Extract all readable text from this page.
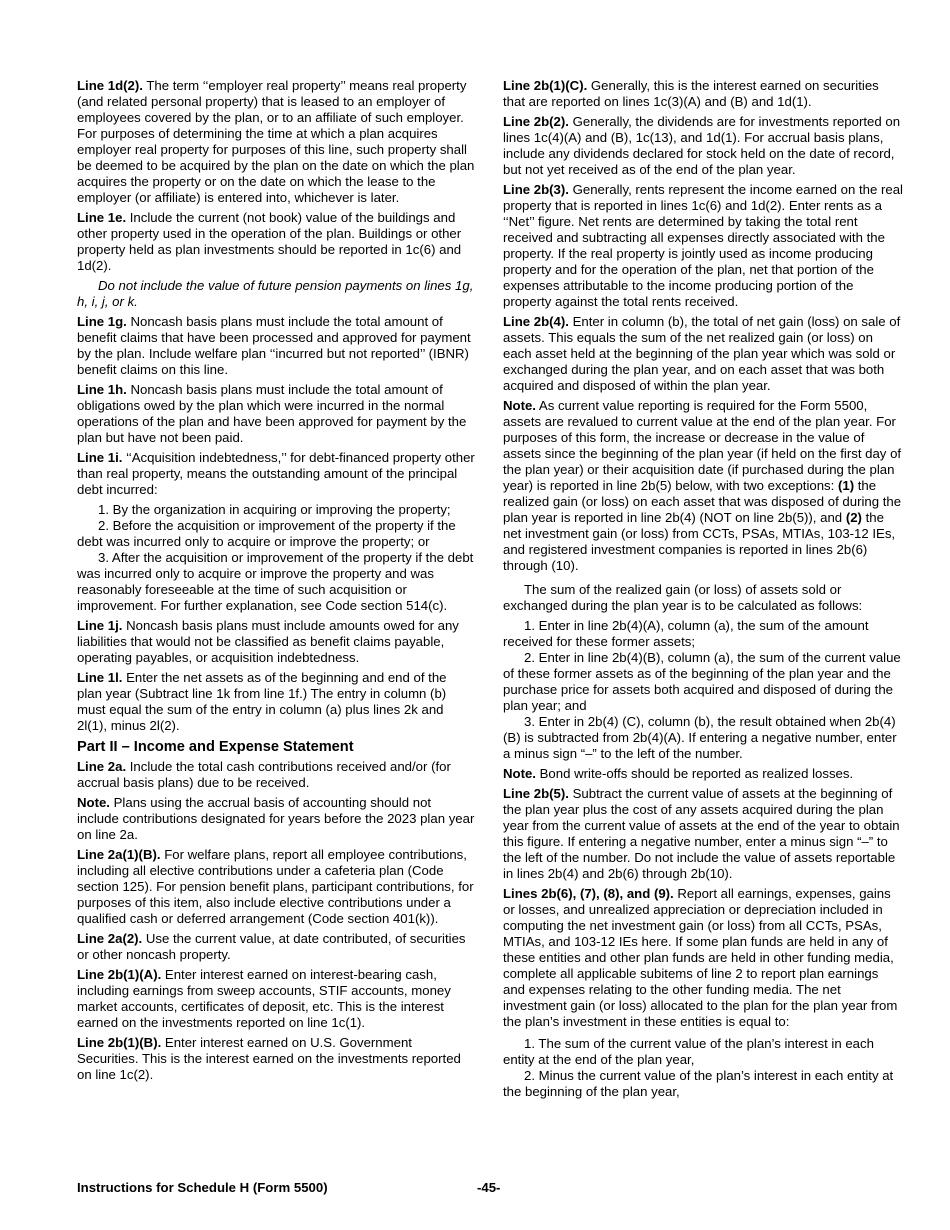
Line 1d(2). The term ‘‘employer real property’’ means real property (and related personal property) that is leased to an employer of employees covered by the plan, or to an affiliate of such employer. For purposes of determining the time at which a plan acquires employer real property for purposes of this line, such property shall be deemed to be acquired by the plan on the date on which the plan acquires the property or on the date on which the lease to the employer (or affiliate) is entered into, whichever is later.

Line 1e. Include the current (not book) value of the buildings and other property used in the operation of the plan. Buildings or other property held as plan investments should be reported in 1c(6) and 1d(2).

Do not include the value of future pension payments on lines 1g, h, i, j, or k.

Line 1g. Noncash basis plans must include the total amount of benefit claims that have been processed and approved for payment by the plan. Include welfare plan ‘‘incurred but not reported’’ (IBNR) benefit claims on this line.

Line 1h. Noncash basis plans must include the total amount of obligations owed by the plan which were incurred in the normal operations of the plan and have been approved for payment by the plan but have not been paid.

Line 1i. ‘‘Acquisition indebtedness,’’ for debt-financed property other than real property, means the outstanding amount of the principal debt incurred:

1. By the organization in acquiring or improving the property;

2. Before the acquisition or improvement of the property if the debt was incurred only to acquire or improve the property; or

3. After the acquisition or improvement of the property if the debt was incurred only to acquire or improve the property and was reasonably foreseeable at the time of such acquisition or improvement. For further explanation, see Code section 514(c).

Line 1j. Noncash basis plans must include amounts owed for any liabilities that would not be classified as benefit claims payable, operating payables, or acquisition indebtedness.

Line 1l. Enter the net assets as of the beginning and end of the plan year (Subtract line 1k from line 1f.) The entry in column (b) must equal the sum of the entry in column (a) plus lines 2k and 2l(1), minus 2l(2).

Part II – Income and Expense Statement

Line 2a. Include the total cash contributions received and/or (for accrual basis plans) due to be received.

Note. Plans using the accrual basis of accounting should not include contributions designated for years before the 2023 plan year on line 2a.

Line 2a(1)(B). For welfare plans, report all employee contributions, including all elective contributions under a cafeteria plan (Code section 125). For pension benefit plans, participant contributions, for purposes of this item, also include elective contributions under a qualified cash or deferred arrangement (Code section 401(k)).

Line 2a(2). Use the current value, at date contributed, of securities or other noncash property.

Line 2b(1)(A). Enter interest earned on interest-bearing cash, including earnings from sweep accounts, STIF accounts, money market accounts, certificates of deposit, etc. This is the interest earned on the investments reported on line 1c(1).

Line 2b(1)(B). Enter interest earned on U.S. Government Securities. This is the interest earned on the investments reported on line 1c(2).

Line 2b(1)(C). Generally, this is the interest earned on securities that are reported on lines 1c(3)(A) and (B) and 1d(1).

Line 2b(2). Generally, the dividends are for investments reported on lines 1c(4)(A) and (B), 1c(13), and 1d(1). For accrual basis plans, include any dividends declared for stock held on the date of record, but not yet received as of the end of the plan year.

Line 2b(3). Generally, rents represent the income earned on the real property that is reported in lines 1c(6) and 1d(2). Enter rents as a ‘‘Net’’ figure. Net rents are determined by taking the total rent received and subtracting all expenses directly associated with the property. If the real property is jointly used as income producing property and for the operation of the plan, net that portion of the expenses attributable to the income producing portion of the property against the total rents received.

Line 2b(4). Enter in column (b), the total of net gain (loss) on sale of assets. This equals the sum of the net realized gain (or loss) on each asset held at the beginning of the plan year which was sold or exchanged during the plan year, and on each asset that was both acquired and disposed of within the plan year.

Note. As current value reporting is required for the Form 5500, assets are revalued to current value at the end of the plan year. For purposes of this form, the increase or decrease in the value of assets since the beginning of the plan year (if held on the first day of the plan year) or their acquisition date (if purchased during the plan year) is reported in line 2b(5) below, with two exceptions: (1) the realized gain (or loss) on each asset that was disposed of during the plan year is reported in line 2b(4) (NOT on line 2b(5)), and (2) the net investment gain (or loss) from CCTs, PSAs, MTIAs, 103-12 IEs, and registered investment companies is reported in lines 2b(6) through (10).

The sum of the realized gain (or loss) of assets sold or exchanged during the plan year is to be calculated as follows:

1. Enter in line 2b(4)(A), column (a), the sum of the amount received for these former assets;

2. Enter in line 2b(4)(B), column (a), the sum of the current value of these former assets as of the beginning of the plan year and the purchase price for assets both acquired and disposed of during the plan year; and

3. Enter in 2b(4) (C), column (b), the result obtained when 2b(4)(B) is subtracted from 2b(4)(A). If entering a negative number, enter a minus sign “–” to the left of the number.

Note. Bond write-offs should be reported as realized losses.

Line 2b(5). Subtract the current value of assets at the beginning of the plan year plus the cost of any assets acquired during the plan year from the current value of assets at the end of the year to obtain this figure. If entering a negative number, enter a minus sign “–” to the left of the number. Do not include the value of assets reportable in lines 2b(4) and 2b(6) through 2b(10).

Lines 2b(6), (7), (8), and (9). Report all earnings, expenses, gains or losses, and unrealized appreciation or depreciation included in computing the net investment gain (or loss) from all CCTs, PSAs, MTIAs, and 103-12 IEs here. If some plan funds are held in any of these entities and other plan funds are held in other funding media, complete all applicable subitems of line 2 to report plan earnings and expenses relating to the other funding media. The net investment gain (or loss) allocated to the plan for the plan year from the plan’s investment in these entities is equal to:

1. The sum of the current value of the plan’s interest in each entity at the end of the plan year,

2. Minus the current value of the plan’s interest in each entity at the beginning of the plan year,

Instructions for Schedule H (Form 5500)	-45-
